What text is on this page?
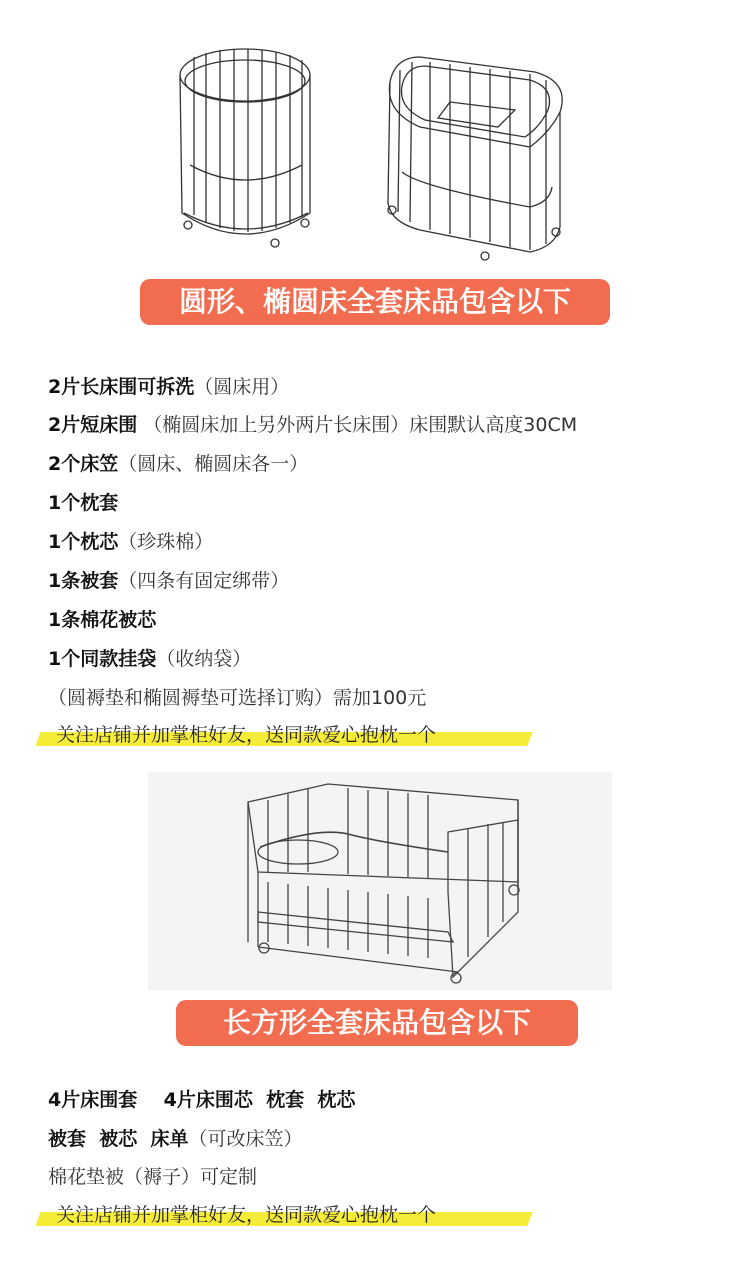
圆形、椭圆床全套床品包含以下
2片长床围可拆洗（圆床用）
2片短床围 （椭圆床加上另外两片长床围）床围默认高度30CM
2个床笠（圆床、椭圆床各一）
1个枕套
1个枕芯（珍珠棉）
1条被套（四条有固定绑带）
1条棉花被芯
1个同款挂袋（收纳袋）
（圆褥垫和椭圆褥垫可选择订购）需加100元
关注店铺并加掌柜好友，送同款爱心抱枕一个
长方形全套床品包含以下
4片床围套    4片床围芯  枕套  枕芯
被套  被芯  床单（可改床笠）
棉花垫被（褥子）可定制
关注店铺并加掌柜好友，送同款爱心抱枕一个
